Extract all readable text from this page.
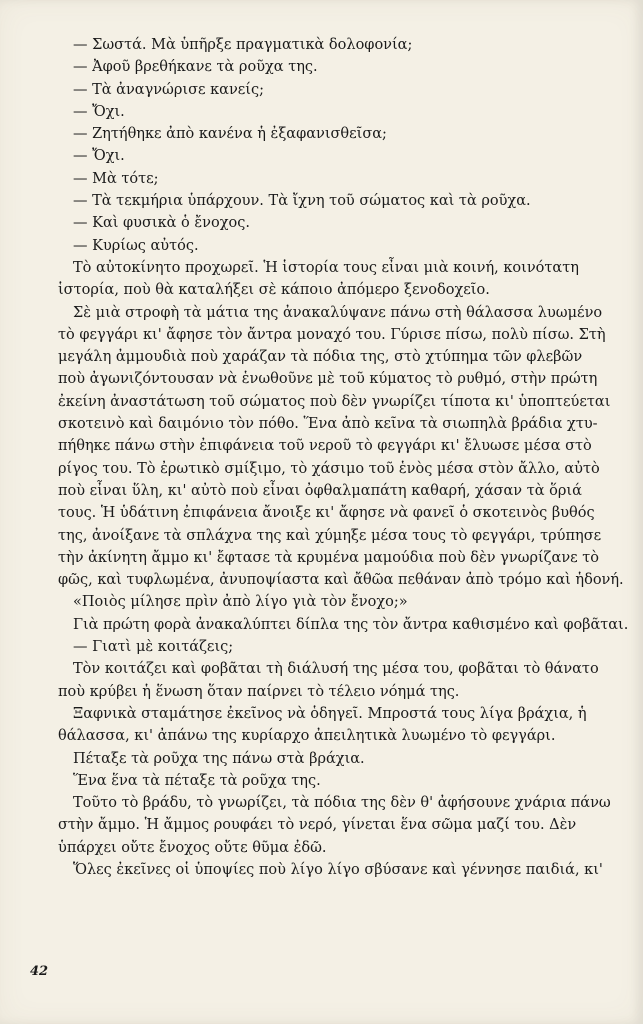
— Σωστά. Μὰ ὑπῆρξε πραγματικὰ δολοφονία;
— Ἀφοῦ βρεθήκανε τὰ ροῦχα της.
— Τὰ ἀναγνώρισε κανείς;
— Ὄχι.
— Ζητήθηκε ἀπὸ κανένα ἡ ἐξαφανισθεῖσα;
— Ὄχι.
— Μὰ τότε;
— Τὰ τεκμήρια ὑπάρχουν. Τὰ ἴχνη τοῦ σώματος καὶ τὰ ροῦχα.
— Καὶ φυσικὰ ὁ ἔνοχος.
— Κυρίως αὐτός.
Τὸ αὐτοκίνητο προχωρεῖ. Ἡ ἱστορία τους εἶναι μιὰ κοινή, κοινότατη
ἱστορία, ποὺ θὰ καταλήξει σὲ κάποιο ἀπόμερο ξενοδοχεῖο.
Σὲ μιὰ στροφὴ τὰ μάτια της ἀνακαλύψανε πάνω στὴ θάλασσα λυωμένο
τὸ φεγγάρι κι' ἄφησε τὸν ἄντρα μοναχό του. Γύρισε πίσω, πολὺ πίσω. Στὴ
μεγάλη ἀμμουδιὰ ποὺ χαράζαν τὰ πόδια της, στὸ χτύπημα τῶν φλεβῶν
ποὺ ἀγωνιζόντουσαν νὰ ἑνωθοῦνε μὲ τοῦ κύματος τὸ ρυθμό, στὴν πρώτη
ἐκείνη ἀναστάτωση τοῦ σώματος ποὺ δὲν γνωρίζει τίποτα κι' ὑποπτεύεται
σκοτεινὸ καὶ δαιμόνιο τὸν πόθο. Ἕνα ἀπὸ κεῖνα τὰ σιωπηλὰ βράδια χτυ-
πήθηκε πάνω στὴν ἐπιφάνεια τοῦ νεροῦ τὸ φεγγάρι κι' ἔλυωσε μέσα στὸ
ρίγος του. Τὸ ἐρωτικὸ σμίξιμο, τὸ χάσιμο τοῦ ἑνὸς μέσα στὸν ἄλλο, αὐτὸ
ποὺ εἶναι ὕλη, κι' αὐτὸ ποὺ εἶναι ὀφθαλμαπάτη καθαρή, χάσαν τὰ ὅριά
τους. Ἡ ὑδάτινη ἐπιφάνεια ἄνοιξε κι' ἄφησε νὰ φανεῖ ὁ σκοτεινὸς βυθός
της, ἀνοίξανε τὰ σπλάχνα της καὶ χύμηξε μέσα τους τὸ φεγγάρι, τρύπησε
τὴν ἀκίνητη ἄμμο κι' ἔφτασε τὰ κρυμένα μαμούδια ποὺ δὲν γνωρίζανε τὸ
φῶς, καὶ τυφλωμένα, ἀνυποψίαστα καὶ ἄθῶα πεθάναν ἀπὸ τρόμο καὶ ἡδονή.
«Ποιὸς μίλησε πρὶν ἀπὸ λίγο γιὰ τὸν ἔνοχο;»
Γιὰ πρώτη φορὰ ἀνακαλύπτει δίπλα της τὸν ἄντρα καθισμένο καὶ φοβᾶται.
— Γιατὶ μὲ κοιτάζεις;
Τὸν κοιτάζει καὶ φοβᾶται τὴ διάλυσή της μέσα του, φοβᾶται τὸ θάνατο
ποὺ κρύβει ἡ ἕνωση ὅταν παίρνει τὸ τέλειο νόημά της.
Ξαφνικὰ σταμάτησε ἐκεῖνος νὰ ὁδηγεῖ. Μπροστά τους λίγα βράχια, ἡ
θάλασσα, κι' ἀπάνω της κυρίαρχο ἀπειλητικὰ λυωμένο τὸ φεγγάρι.
Πέταξε τὰ ροῦχα της πάνω στὰ βράχια.
Ἕνα ἕνα τὰ πέταξε τὰ ροῦχα της.
Τοῦτο τὸ βράδυ, τὸ γνωρίζει, τὰ πόδια της δὲν θ' ἀφήσουνε χνάρια πάνω
στὴν ἄμμο. Ἡ ἄμμος ρουφάει τὸ νερό, γίνεται ἕνα σῶμα μαζί του. Δὲν
ὑπάρχει οὔτε ἔνοχος οὔτε θῦμα ἐδῶ.
Ὅλες ἐκεῖνες οἱ ὑποψίες ποὺ λίγο λίγο σβύσανε καὶ γέννησε παιδιά, κι'
42
